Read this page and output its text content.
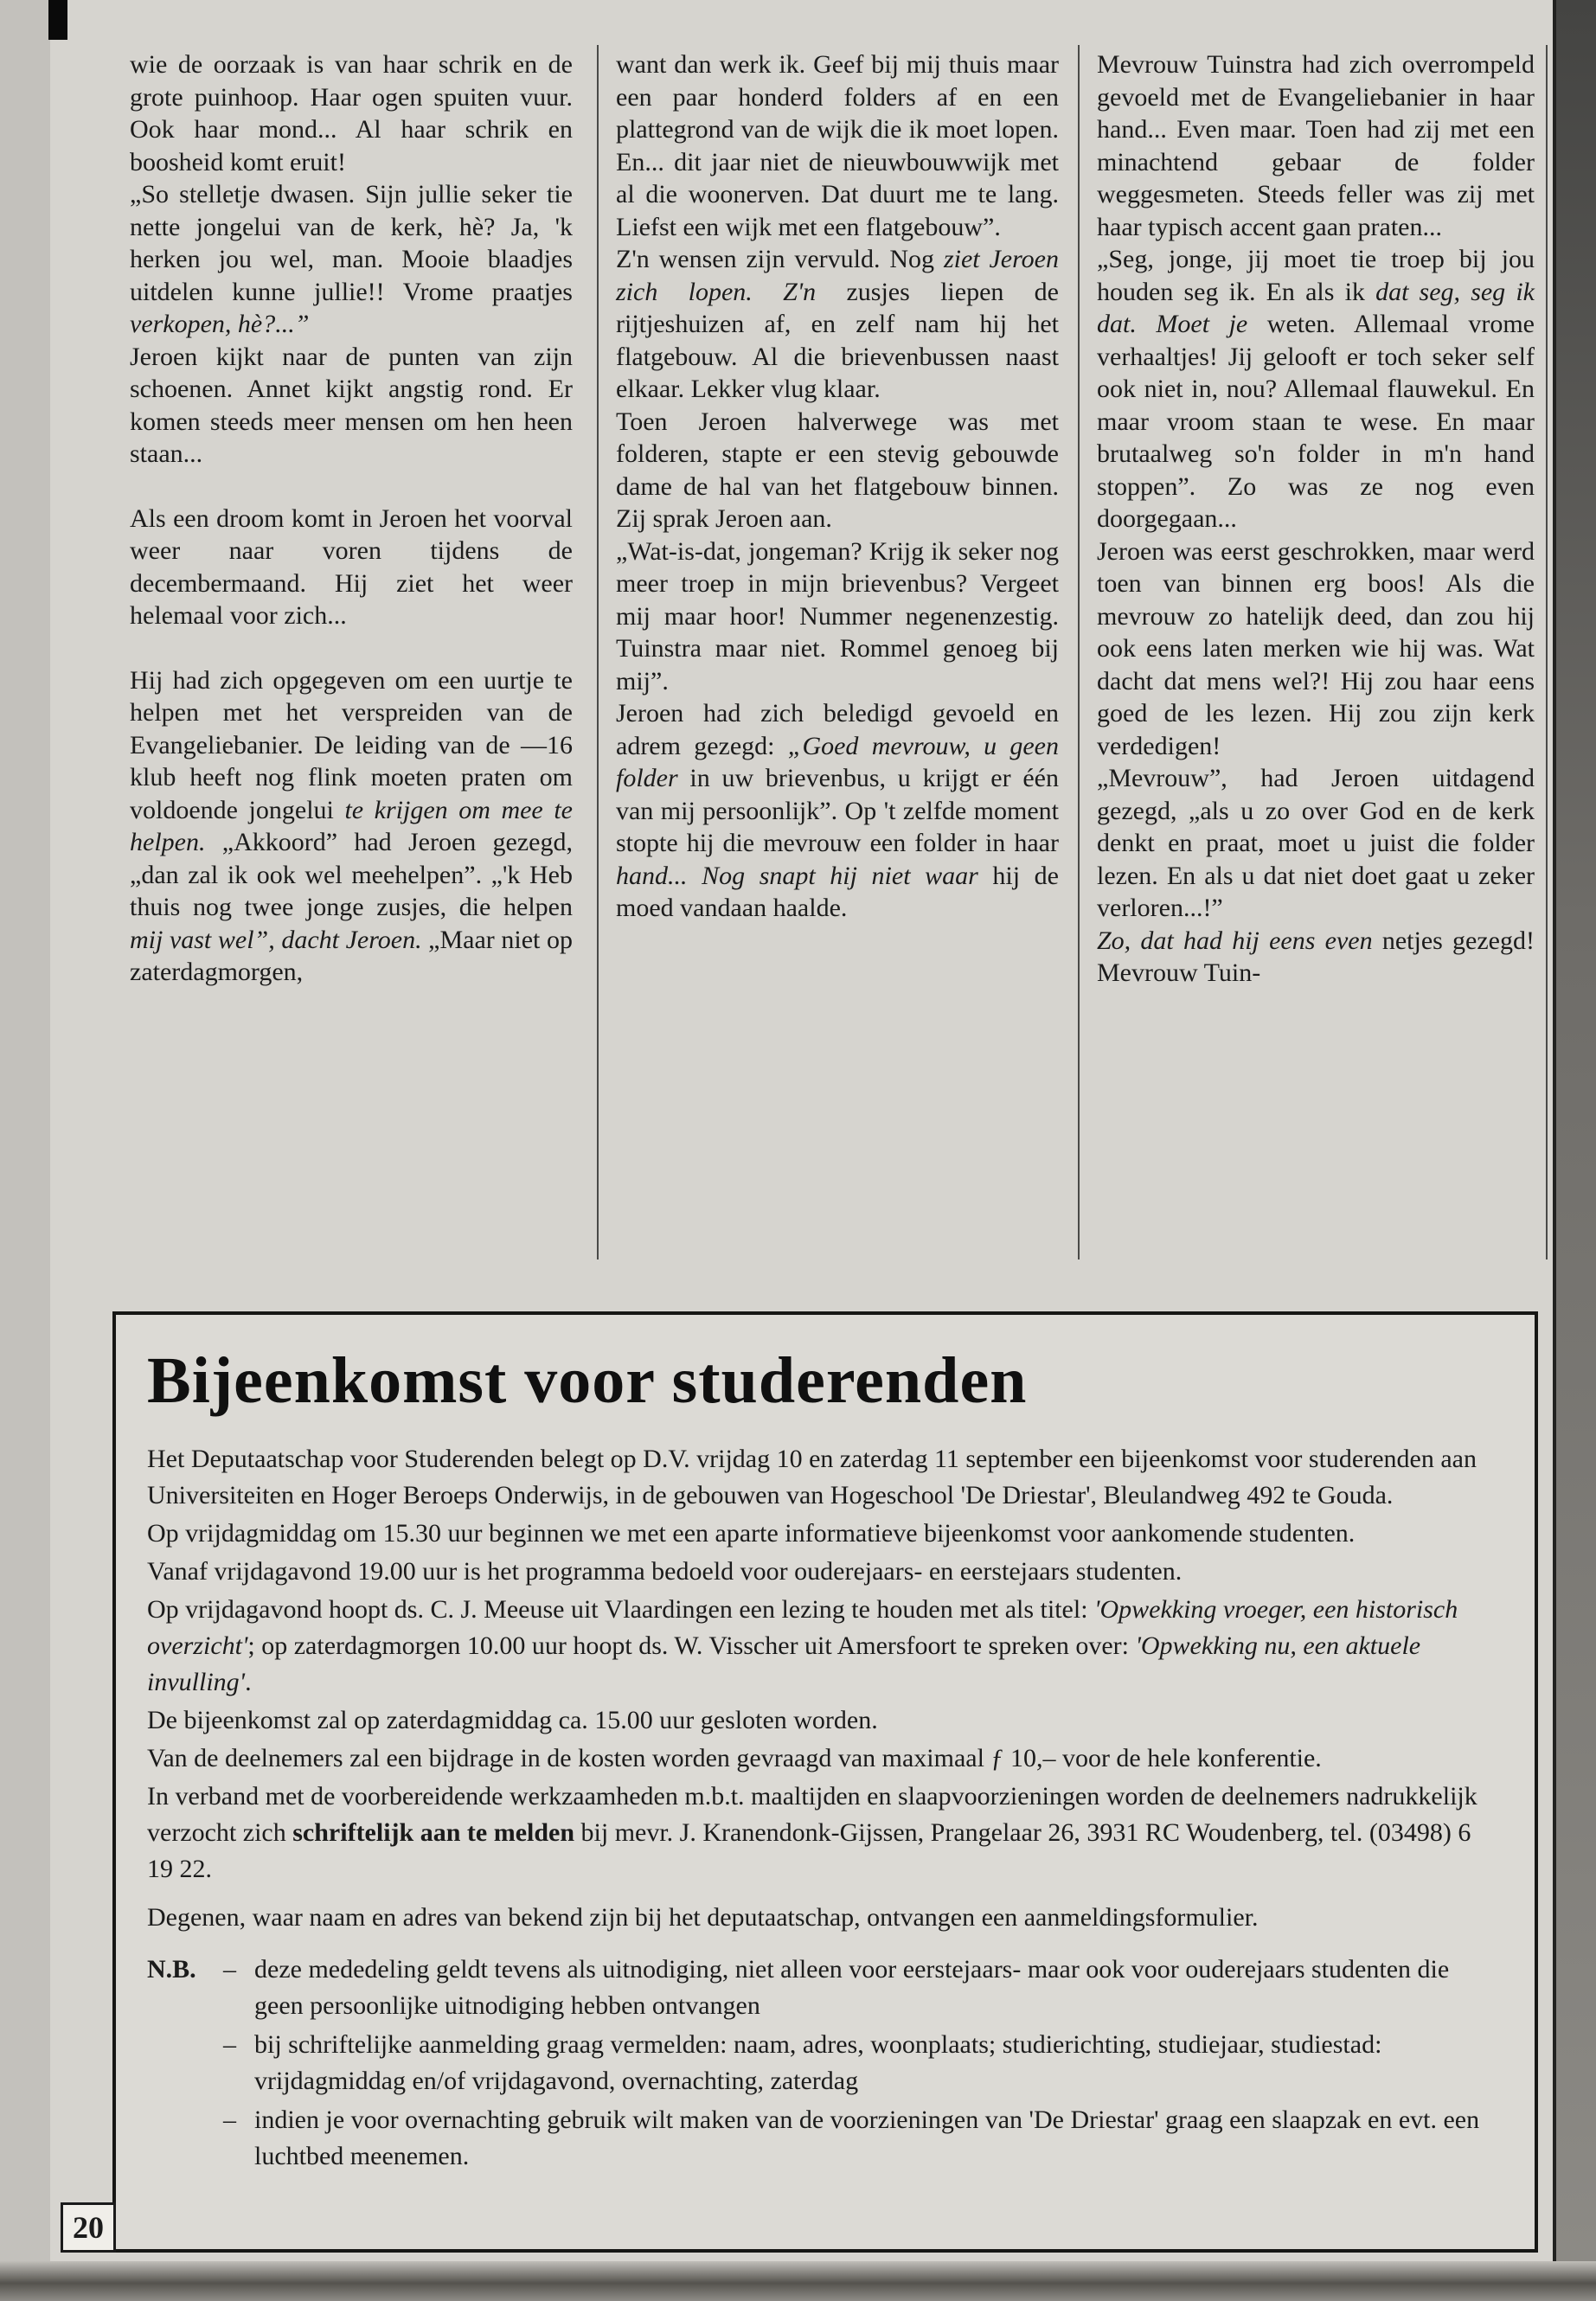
wie de oorzaak is van haar schrik en de grote puinhoop. Haar ogen spuiten vuur. Ook haar mond... Al haar schrik en boosheid komt eruit!

„So stelletje dwasen. Sijn jullie seker tie nette jongelui van de kerk, hè? Ja, 'k herken jou wel, man. Mooie blaadjes uitdelen kunne jullie!! Vrome praatjes verkopen, hè?...”

Jeroen kijkt naar de punten van zijn schoenen. Annet kijkt angstig rond. Er komen steeds meer mensen om hen heen staan...

Als een droom komt in Jeroen het voorval weer naar voren tijdens de decembermaand. Hij ziet het weer helemaal voor zich...

Hij had zich opgegeven om een uurtje te helpen met het verspreiden van de Evangeliebanier. De leiding van de —16 klub heeft nog flink moeten praten om voldoende jongelui te krijgen om mee te helpen. „Akkoord” had Jeroen gezegd, „dan zal ik ook wel meehelpen”. „'k Heb thuis nog twee jonge zusjes, die helpen mij vast wel”, dacht Jeroen. „Maar niet op zaterdagmorgen,

want dan werk ik. Geef bij mij thuis maar een paar honderd folders af en een plattegrond van de wijk die ik moet lopen. En... dit jaar niet de nieuwbouwwijk met al die woonerven. Dat duurt me te lang. Liefst een wijk met een flatgebouw”.

Z'n wensen zijn vervuld. Nog ziet Jeroen zich lopen. Z'n zusjes liepen de rijtjeshuizen af, en zelf nam hij het flatgebouw. Al die brievenbussen naast elkaar. Lekker vlug klaar.

Toen Jeroen halverwege was met folderen, stapte er een stevig gebouwde dame de hal van het flatgebouw binnen. Zij sprak Jeroen aan.

„Wat-is-dat, jongeman? Krijg ik seker nog meer troep in mijn brievenbus? Vergeet mij maar hoor! Nummer negenenzestig. Tuinstra maar niet. Rommel genoeg bij mij”.

Jeroen had zich beledigd gevoeld en adrem gezegd: „Goed mevrouw, u geen folder in uw brievenbus, u krijgt er één van mij persoonlijk”. Op 't zelfde moment stopte hij die mevrouw een folder in haar hand... Nog snapt hij niet waar hij de moed vandaan haalde.

Mevrouw Tuinstra had zich overrompeld gevoeld met de Evangeliebanier in haar hand... Even maar. Toen had zij met een minachtend gebaar de folder weggesmeten. Steeds feller was zij met haar typisch accent gaan praten...

„Seg, jonge, jij moet tie troep bij jou houden seg ik. En als ik dat seg, seg ik dat. Moet je weten. Allemaal vrome verhaaltjes! Jij gelooft er toch seker self ook niet in, nou? Allemaal flauwekul. En maar vroom staan te wese. En maar brutaalweg so'n folder in m'n hand stoppen”. Zo was ze nog even doorgegaan...

Jeroen was eerst geschrokken, maar werd toen van binnen erg boos! Als die mevrouw zo hatelijk deed, dan zou hij ook eens laten merken wie hij was. Wat dacht dat mens wel?! Hij zou haar eens goed de les lezen. Hij zou zijn kerk verdedigen!

„Mevrouw”, had Jeroen uitdagend gezegd, „als u zo over God en de kerk denkt en praat, moet u juist die folder lezen. En als u dat niet doet gaat u zeker verloren...!”

Zo, dat had hij eens even netjes gezegd! Mevrouw Tuin-

Bijeenkomst voor studerenden

Het Deputaatschap voor Studerenden belegt op D.V. vrijdag 10 en zaterdag 11 september een bijeenkomst voor studerenden aan Universiteiten en Hoger Beroeps Onderwijs, in de gebouwen van Hogeschool 'De Driestar', Bleulandweg 492 te Gouda.

Op vrijdagmiddag om 15.30 uur beginnen we met een aparte informatieve bijeenkomst voor aankomende studenten.

Vanaf vrijdagavond 19.00 uur is het programma bedoeld voor ouderejaars- en eerstejaars studenten.

Op vrijdagavond hoopt ds. C. J. Meeuse uit Vlaardingen een lezing te houden met als titel: 'Opwekking vroeger, een historisch overzicht'; op zaterdagmorgen 10.00 uur hoopt ds. W. Visscher uit Amersfoort te spreken over: 'Opwekking nu, een aktuele invulling'.

De bijeenkomst zal op zaterdagmiddag ca. 15.00 uur gesloten worden.

Van de deelnemers zal een bijdrage in de kosten worden gevraagd van maximaal ƒ 10,– voor de hele konferentie.

In verband met de voorbereidende werkzaamheden m.b.t. maaltijden en slaapvoorzieningen worden de deelnemers nadrukkelijk verzocht zich schriftelijk aan te melden bij mevr. J. Kranendonk-Gijssen, Prangelaar 26, 3931 RC Woudenberg, tel. (03498) 6 19 22.

Degenen, waar naam en adres van bekend zijn bij het deputaatschap, ontvangen een aanmeldingsformulier.

N.B.	– deze mededeling geldt tevens als uitnodiging, niet alleen voor eerstejaars- maar ook voor ouderejaars studenten die geen persoonlijke uitnodiging hebben ontvangen
– bij schriftelijke aanmelding graag vermelden: naam, adres, woonplaats; studierichting, studiejaar, studiestad: vrijdagmiddag en/of vrijdagavond, overnachting, zaterdag
– indien je voor overnachting gebruik wilt maken van de voorzieningen van 'De Driestar' graag een slaapzak en evt. een luchtbed meenemen.
20
